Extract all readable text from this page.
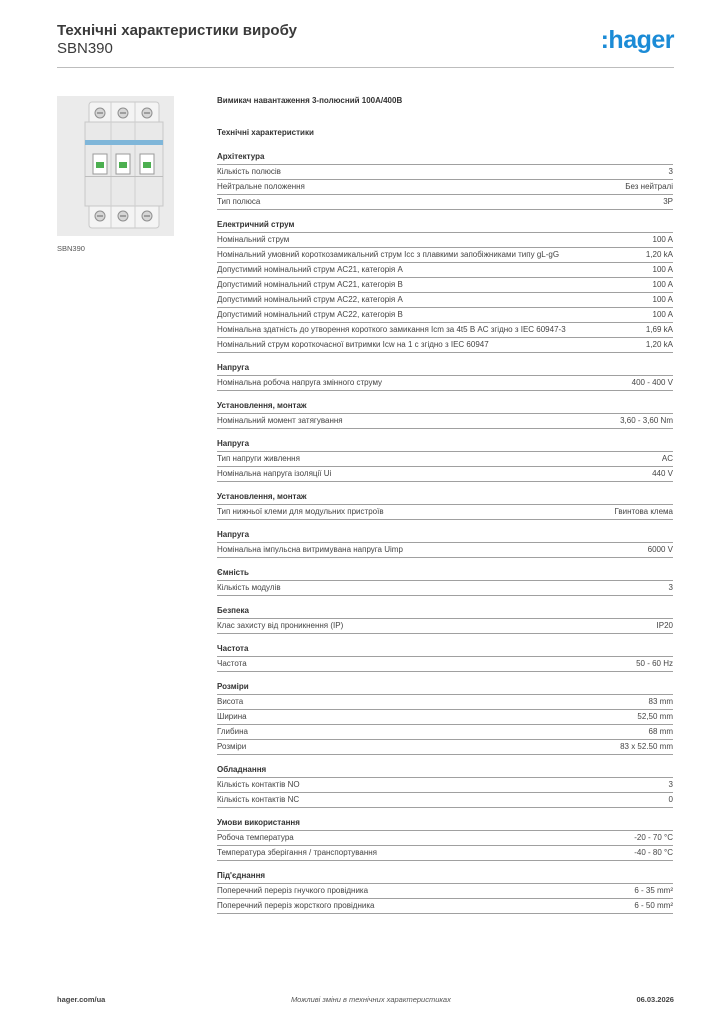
Технічні характеристики виробу
SBN390	:hager
SBN390
Вимикач навантаження 3-полюсний 100А/400В
Технічні характеристики
Архітектура
Кількість полюсів	3
Нейтральне положення	Без нейтралі
Тип полюса	3P
Електричний струм
Номінальний струм	100 A
Номінальний умовний короткозамикальний струм Icc з плавкими запобіжниками типу gL-gG	1,20 kA
Допустимий номінальний струм AC21, категорія A	100 A
Допустимий номінальний струм AC21, категорія B	100 A
Допустимий номінальний струм AC22, категорія A	100 A
Допустимий номінальний струм AC22, категорія B	100 A
Номінальна здатність до утворення короткого замикання Icm за 4t5 В AC згідно з IEC 60947-3	1,69 kA
Номінальний струм короткочасної витримки Icw на 1 с згідно з IEC 60947	1,20 kA
Напруга
Номінальна робоча напруга змінного струму	400 - 400 V
Установлення, монтаж
Номінальний момент затягування	3,60 - 3,60 Nm
Напруга
Тип напруги живлення	AC
Номінальна напруга ізоляції Ui	440 V
Установлення, монтаж
Тип нижньої клеми для модульних пристроїв	Гвинтова клема
Напруга
Номінальна імпульсна витримувана напруга Uimp	6000 V
Ємність
Кількість модулів	3
Безпека
Клас захисту від проникнення (IP)	IP20
Частота
Частота	50 - 60 Hz
Розміри
Висота	83 mm
Ширина	52,50 mm
Глибина	68 mm
Розміри	83 x 52.50 mm
Обладнання
Кількість контактів NO	3
Кількість контактів NC	0
Умови використання
Робоча температура	-20 - 70 °C
Температура зберігання / транспортування	-40 - 80 °C
Під'єднання
Поперечний переріз гнучкого провідника	6 - 35 mm²
Поперечний переріз жорсткого провідника	6 - 50 mm²
hager.com/ua	Можливі зміни в технічних характеристиках	06.03.2026
